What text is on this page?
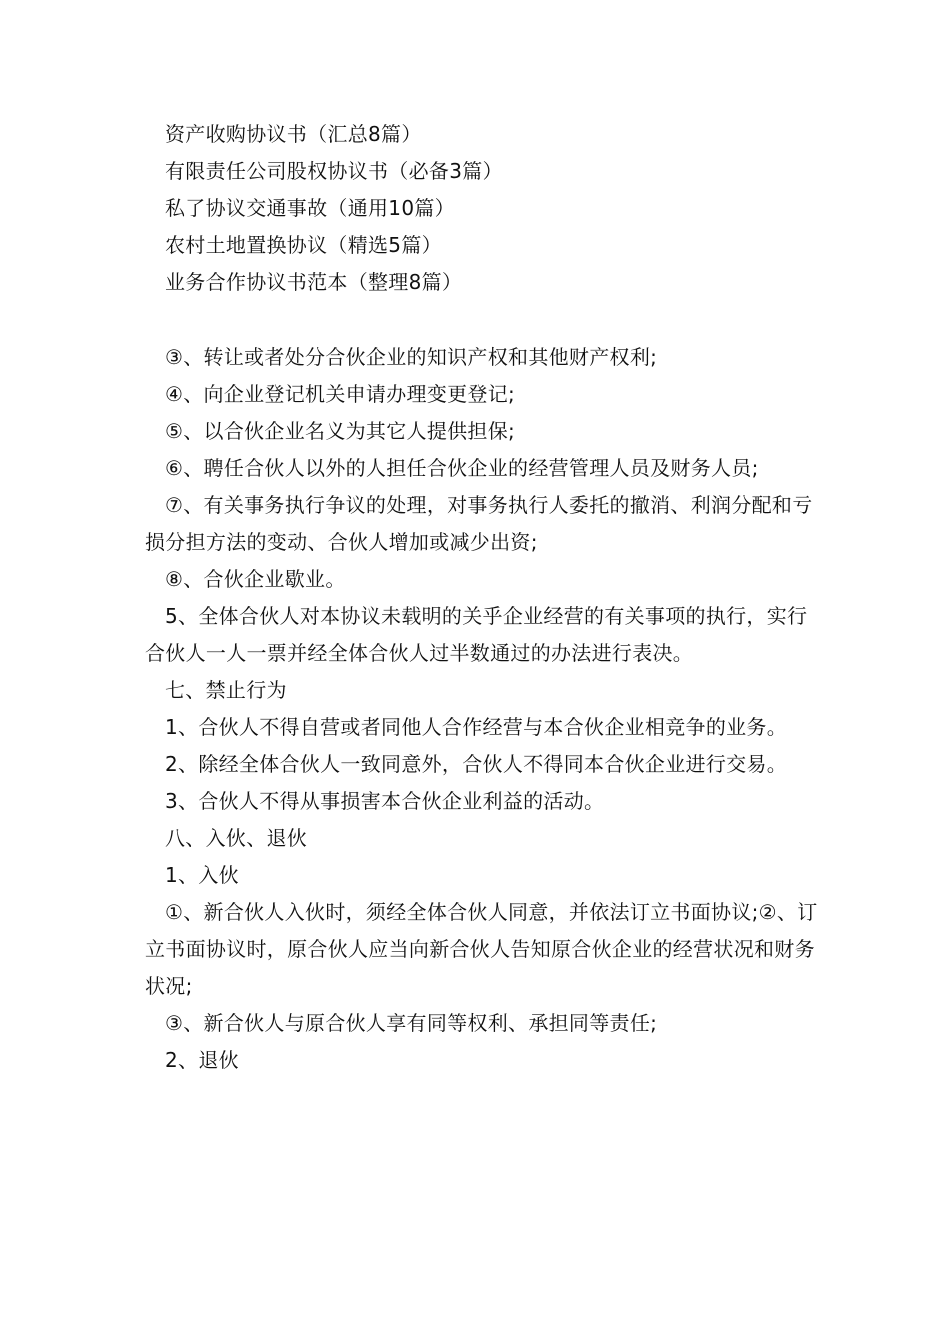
资产收购协议书（汇总8篇）

有限责任公司股权协议书（必备3篇）

私了协议交通事故（通用10篇）

农村土地置换协议（精选5篇）

业务合作协议书范本（整理8篇）

③、转让或者处分合伙企业的知识产权和其他财产权利;

④、向企业登记机关申请办理变更登记;

⑤、以合伙企业名义为其它人提供担保;

⑥、聘任合伙人以外的人担任合伙企业的经营管理人员及财务人员;

⑦、有关事务执行争议的处理，对事务执行人委托的撤消、利润分配和亏损分担方法的变动、合伙人增加或减少出资;

⑧、合伙企业歇业。

5、全体合伙人对本协议未载明的关乎企业经营的有关事项的执行，实行合伙人一人一票并经全体合伙人过半数通过的办法进行表决。

七、禁止行为

1、合伙人不得自营或者同他人合作经营与本合伙企业相竞争的业务。

2、除经全体合伙人一致同意外，合伙人不得同本合伙企业进行交易。

3、合伙人不得从事损害本合伙企业利益的活动。

八、入伙、退伙

1、入伙

①、新合伙人入伙时，须经全体合伙人同意，并依法订立书面协议;②、订立书面协议时，原合伙人应当向新合伙人告知原合伙企业的经营状况和财务状况;

③、新合伙人与原合伙人享有同等权利、承担同等责任;

2、退伙
